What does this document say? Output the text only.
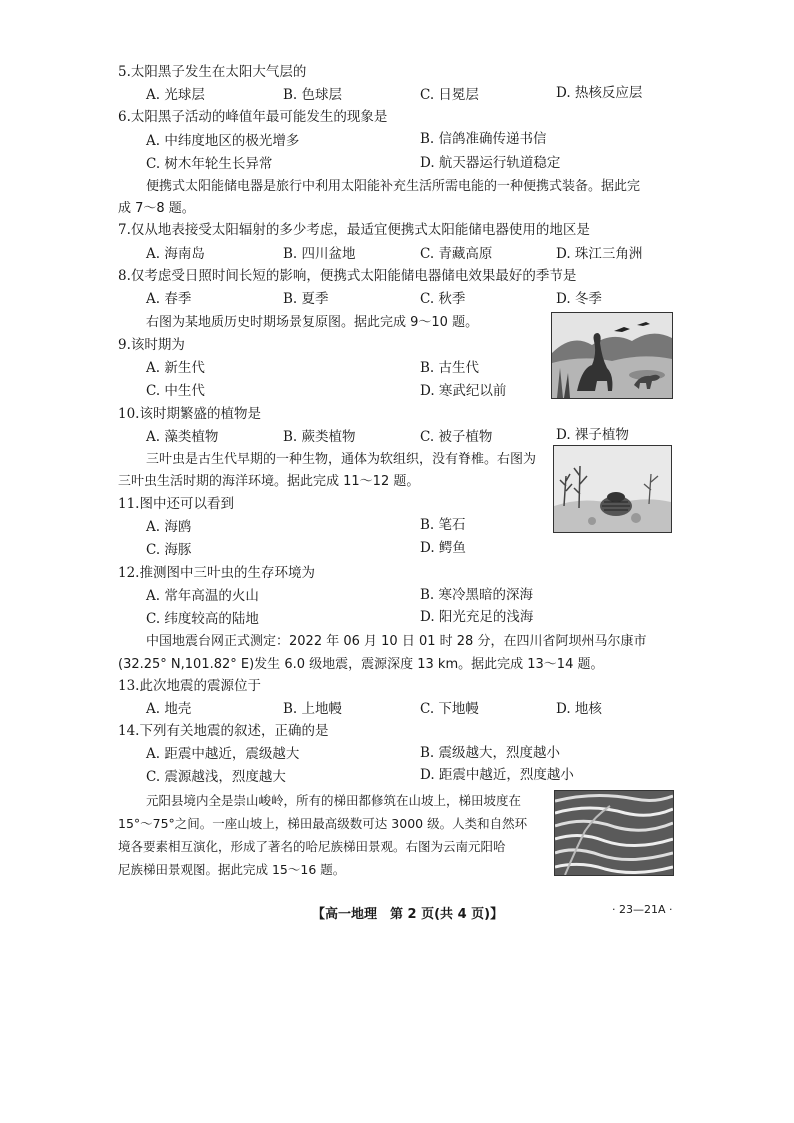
5.太阳黑子发生在太阳大气层的
A. 光球层	B. 色球层	C. 日冕层	D. 热核反应层
6.太阳黑子活动的峰值年最可能发生的现象是
A. 中纬度地区的极光增多	B. 信鸽准确传递书信
C. 树木年轮生长异常	D. 航天器运行轨道稳定
便携式太阳能储电器是旅行中利用太阳能补充生活所需电能的一种便携式装备。据此完
成 7～8 题。
7.仅从地表接受太阳辐射的多少考虑，最适宜便携式太阳能储电器使用的地区是
A. 海南岛	B. 四川盆地	C. 青藏高原	D. 珠江三角洲
8.仅考虑受日照时间长短的影响，便携式太阳能储电器储电效果最好的季节是
A. 春季	B. 夏季	C. 秋季	D. 冬季
右图为某地质历史时期场景复原图。据此完成 9～10 题。
9.该时期为
A. 新生代	B. 古生代
C. 中生代	D. 寒武纪以前
10.该时期繁盛的植物是
A. 藻类植物	B. 蕨类植物	C. 被子植物	D. 裸子植物
三叶虫是古生代早期的一种生物，通体为软组织，没有脊椎。右图为
三叶虫生活时期的海洋环境。据此完成 11～12 题。
11.图中还可以看到
A. 海鸥	B. 笔石
C. 海豚	D. 鳄鱼
12.推测图中三叶虫的生存环境为
A. 常年高温的火山	B. 寒冷黑暗的深海
C. 纬度较高的陆地	D. 阳光充足的浅海
中国地震台网正式测定：2022 年 06 月 10 日 01 时 28 分，在四川省阿坝州马尔康市
(32.25° N,101.82° E)发生 6.0 级地震，震源深度 13 km。据此完成 13～14 题。
13.此次地震的震源位于
A. 地壳	B. 上地幔	C. 下地幔	D. 地核
14.下列有关地震的叙述，正确的是
A. 距震中越近，震级越大	B. 震级越大，烈度越小
C. 震源越浅，烈度越大	D. 距震中越近，烈度越小
元阳县境内全是崇山峻岭，所有的梯田都修筑在山坡上，梯田坡度在
15°～75°之间。一座山坡上，梯田最高级数可达 3000 级。人类和自然环
境各要素相互演化，形成了著名的哈尼族梯田景观。右图为云南元阳哈
尼族梯田景观图。据此完成 15～16 题。
【高一地理　第 2 页(共 4 页)】	· 23—21A ·
